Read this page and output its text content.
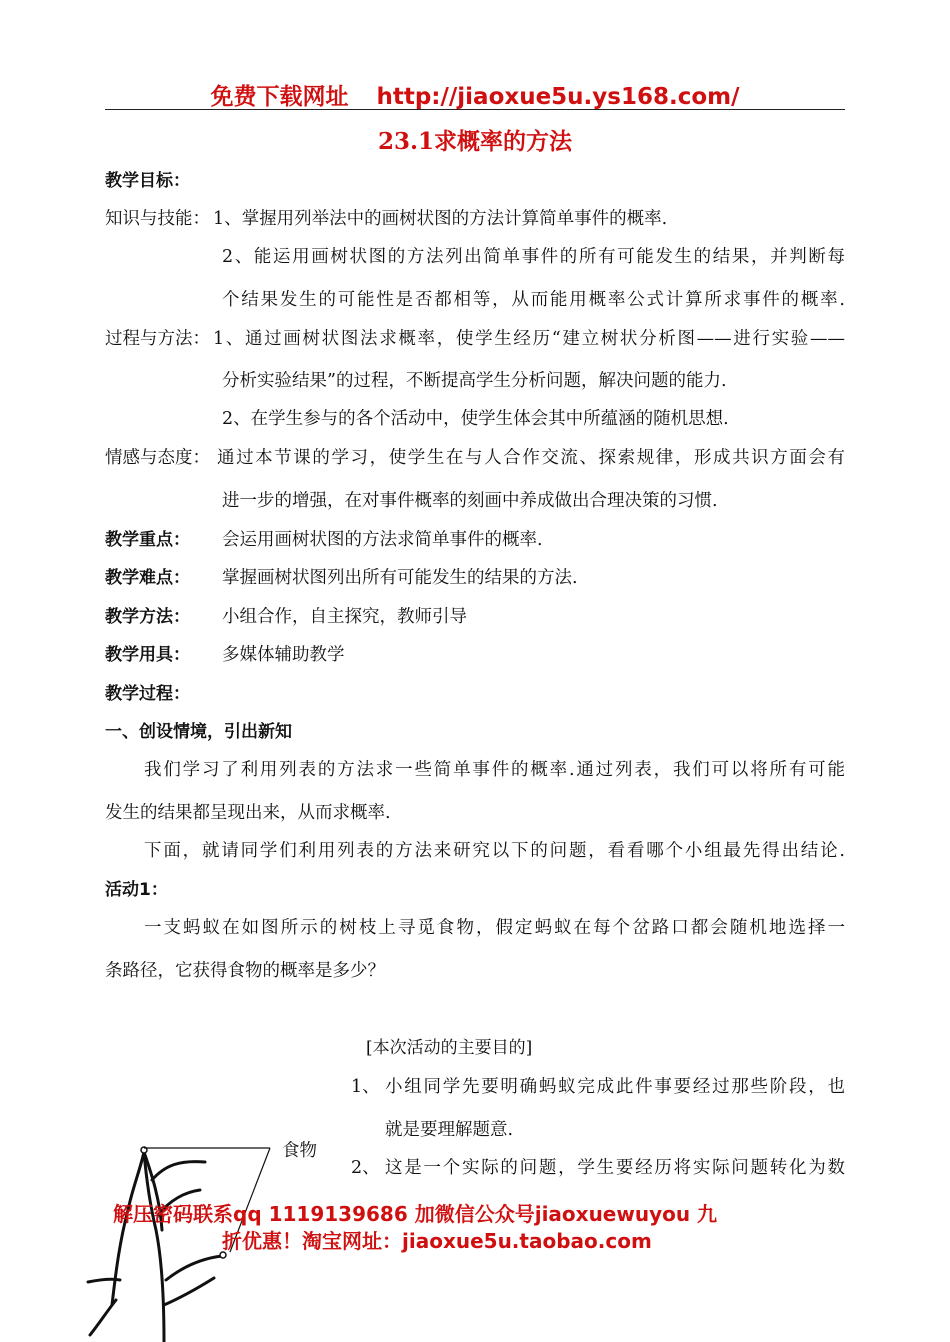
免费下载网址 http://jiaoxue5u.ys168.com/
23.1求概率的方法
教学目标：
知识与技能： 1、掌握用列举法中的画树状图的方法计算简单事件的概率.
2、能运用画树状图的方法列出简单事件的所有可能发生的结果，并判断每
个结果发生的可能性是否都相等，从而能用概率公式计算所求事件的概率.
过程与方法： 1、通过画树状图法求概率，使学生经历“建立树状分析图——进行实验——
分析实验结果”的过程，不断提高学生分析问题，解决问题的能力.
2、在学生参与的各个活动中，使学生体会其中所蕴涵的随机思想.
情感与态度： 通过本节课的学习，使学生在与人合作交流、探索规律，形成共识方面会有
进一步的增强，在对事件概率的刻画中养成做出合理决策的习惯.
教学重点： 会运用画树状图的方法求简单事件的概率.
教学难点： 掌握画树状图列出所有可能发生的结果的方法.
教学方法： 小组合作，自主探究，教师引导
教学用具： 多媒体辅助教学
教学过程：
一、创设情境，引出新知
我们学习了利用列表的方法求一些简单事件的概率.通过列表，我们可以将所有可能
发生的结果都呈现出来，从而求概率.
下面，就请同学们利用列表的方法来研究以下的问题，看看哪个小组最先得出结论.
活动1：
一支蚂蚁在如图所示的树枝上寻觅食物，假定蚂蚁在每个岔路口都会随机地选择一
条路径，它获得食物的概率是多少？
[本次活动的主要目的]
1、 小组同学先要明确蚂蚁完成此件事要经过那些阶段，也
就是要理解题意.
2、 这是一个实际的问题，学生要经历将实际问题转化为数
食物
解压密码联系qq 1119139686 加微信公众号jiaoxuewuyou 九
折优惠！淘宝网址：jiaoxue5u.taobao.com
